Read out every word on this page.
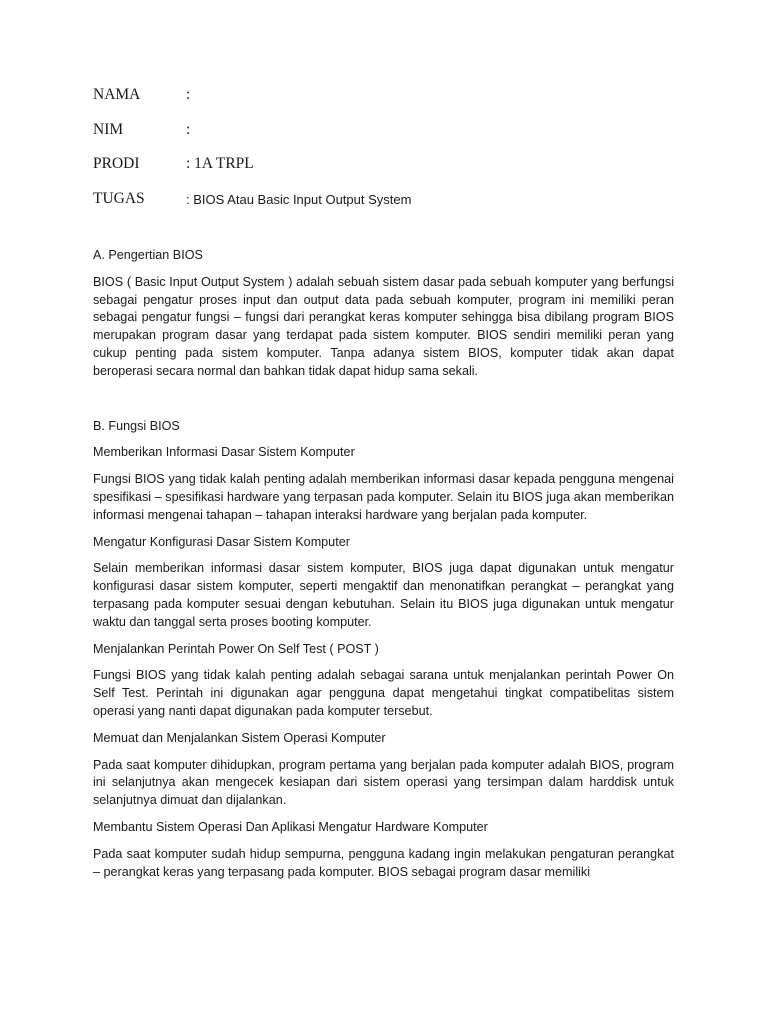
NAMA	:
NIM	:
PRODI	: 1A TRPL
TUGAS	: BIOS Atau Basic Input Output System
A. Pengertian BIOS

BIOS ( Basic Input Output System ) adalah sebuah sistem dasar pada sebuah komputer yang berfungsi sebagai pengatur proses input dan output data pada sebuah komputer, program ini memiliki peran sebagai pengatur fungsi – fungsi dari perangkat keras komputer sehingga bisa dibilang program BIOS merupakan program dasar yang terdapat pada sistem komputer. BIOS sendiri memiliki peran yang cukup penting pada sistem komputer. Tanpa adanya sistem BIOS, komputer tidak akan dapat beroperasi secara normal dan bahkan tidak dapat hidup sama sekali.

B. Fungsi BIOS
Memberikan Informasi Dasar Sistem Komputer

Fungsi BIOS yang tidak kalah penting adalah memberikan informasi dasar kepada pengguna mengenai spesifikasi – spesifikasi hardware yang terpasan pada komputer. Selain itu BIOS juga akan memberikan informasi mengenai tahapan – tahapan interaksi hardware yang berjalan pada komputer.

Mengatur Konfigurasi Dasar Sistem Komputer

Selain memberikan informasi dasar sistem komputer, BIOS juga dapat digunakan untuk mengatur konfigurasi dasar sistem komputer, seperti mengaktif dan menonatifkan perangkat – perangkat yang terpasang pada komputer sesuai dengan kebutuhan. Selain itu BIOS juga digunakan untuk mengatur waktu dan tanggal serta proses booting komputer.

Menjalankan Perintah Power On Self Test ( POST )

Fungsi BIOS yang tidak kalah penting adalah sebagai sarana untuk menjalankan perintah Power On Self Test. Perintah ini digunakan agar pengguna dapat mengetahui tingkat compatibelitas sistem operasi yang nanti dapat digunakan pada komputer tersebut.

Memuat dan Menjalankan Sistem Operasi Komputer

Pada saat komputer dihidupkan, program pertama yang berjalan pada komputer adalah BIOS, program ini selanjutnya akan mengecek kesiapan dari sistem operasi yang tersimpan dalam harddisk untuk selanjutnya dimuat dan dijalankan.

Membantu Sistem Operasi Dan Aplikasi Mengatur Hardware Komputer

Pada saat komputer sudah hidup sempurna, pengguna kadang ingin melakukan pengaturan perangkat – perangkat keras yang terpasang pada komputer. BIOS sebagai program dasar memiliki
